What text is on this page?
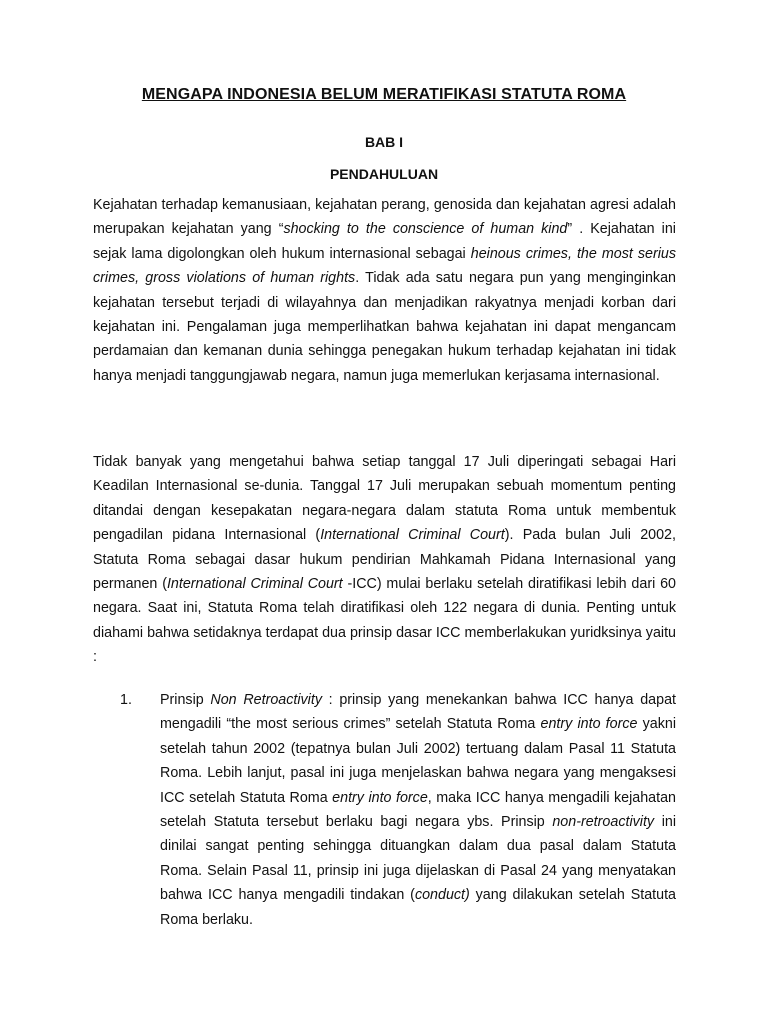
MENGAPA INDONESIA BELUM MERATIFIKASI STATUTA ROMA
BAB I
PENDAHULUAN

Kejahatan terhadap kemanusiaan, kejahatan perang, genosida dan kejahatan agresi adalah merupakan kejahatan yang “shocking to the conscience of human kind” . Kejahatan ini sejak lama digolongkan oleh hukum internasional sebagai heinous crimes, the most serius crimes, gross violations of human rights. Tidak ada satu negara pun yang menginginkan kejahatan tersebut terjadi di wilayahnya dan menjadikan rakyatnya menjadi korban dari kejahatan ini. Pengalaman juga memperlihatkan bahwa kejahatan ini dapat mengancam perdamaian dan kemanan dunia sehingga penegakan hukum terhadap kejahatan ini tidak hanya menjadi tanggungjawab negara, namun juga memerlukan kerjasama internasional.

Tidak banyak yang mengetahui bahwa setiap tanggal 17 Juli diperingati sebagai Hari Keadilan Internasional se-dunia. Tanggal 17 Juli merupakan sebuah momentum penting ditandai dengan kesepakatan negara-negara dalam statuta Roma untuk membentuk pengadilan pidana Internasional (International Criminal Court). Pada bulan Juli 2002, Statuta Roma sebagai dasar hukum pendirian Mahkamah Pidana Internasional yang permanen (International Criminal Court -ICC) mulai berlaku setelah diratifikasi lebih dari 60 negara. Saat ini, Statuta Roma telah diratifikasi oleh 122 negara di dunia. Penting untuk diahami bahwa setidaknya terdapat dua prinsip dasar ICC memberlakukan yuridksinya yaitu :

1. Prinsip Non Retroactivity : prinsip yang menekankan bahwa ICC hanya dapat mengadili “the most serious crimes” setelah Statuta Roma entry into force yakni setelah tahun 2002 (tepatnya bulan Juli 2002) tertuang dalam Pasal 11 Statuta Roma. Lebih lanjut, pasal ini juga menjelaskan bahwa negara yang mengaksesi ICC setelah Statuta Roma entry into force, maka ICC hanya mengadili kejahatan setelah Statuta tersebut berlaku bagi negara ybs. Prinsip non-retroactivity ini dinilai sangat penting sehingga dituangkan dalam dua pasal dalam Statuta Roma. Selain Pasal 11, prinsip ini juga dijelaskan di Pasal 24 yang menyatakan bahwa ICC hanya mengadili tindakan (conduct) yang dilakukan setelah Statuta Roma berlaku.
